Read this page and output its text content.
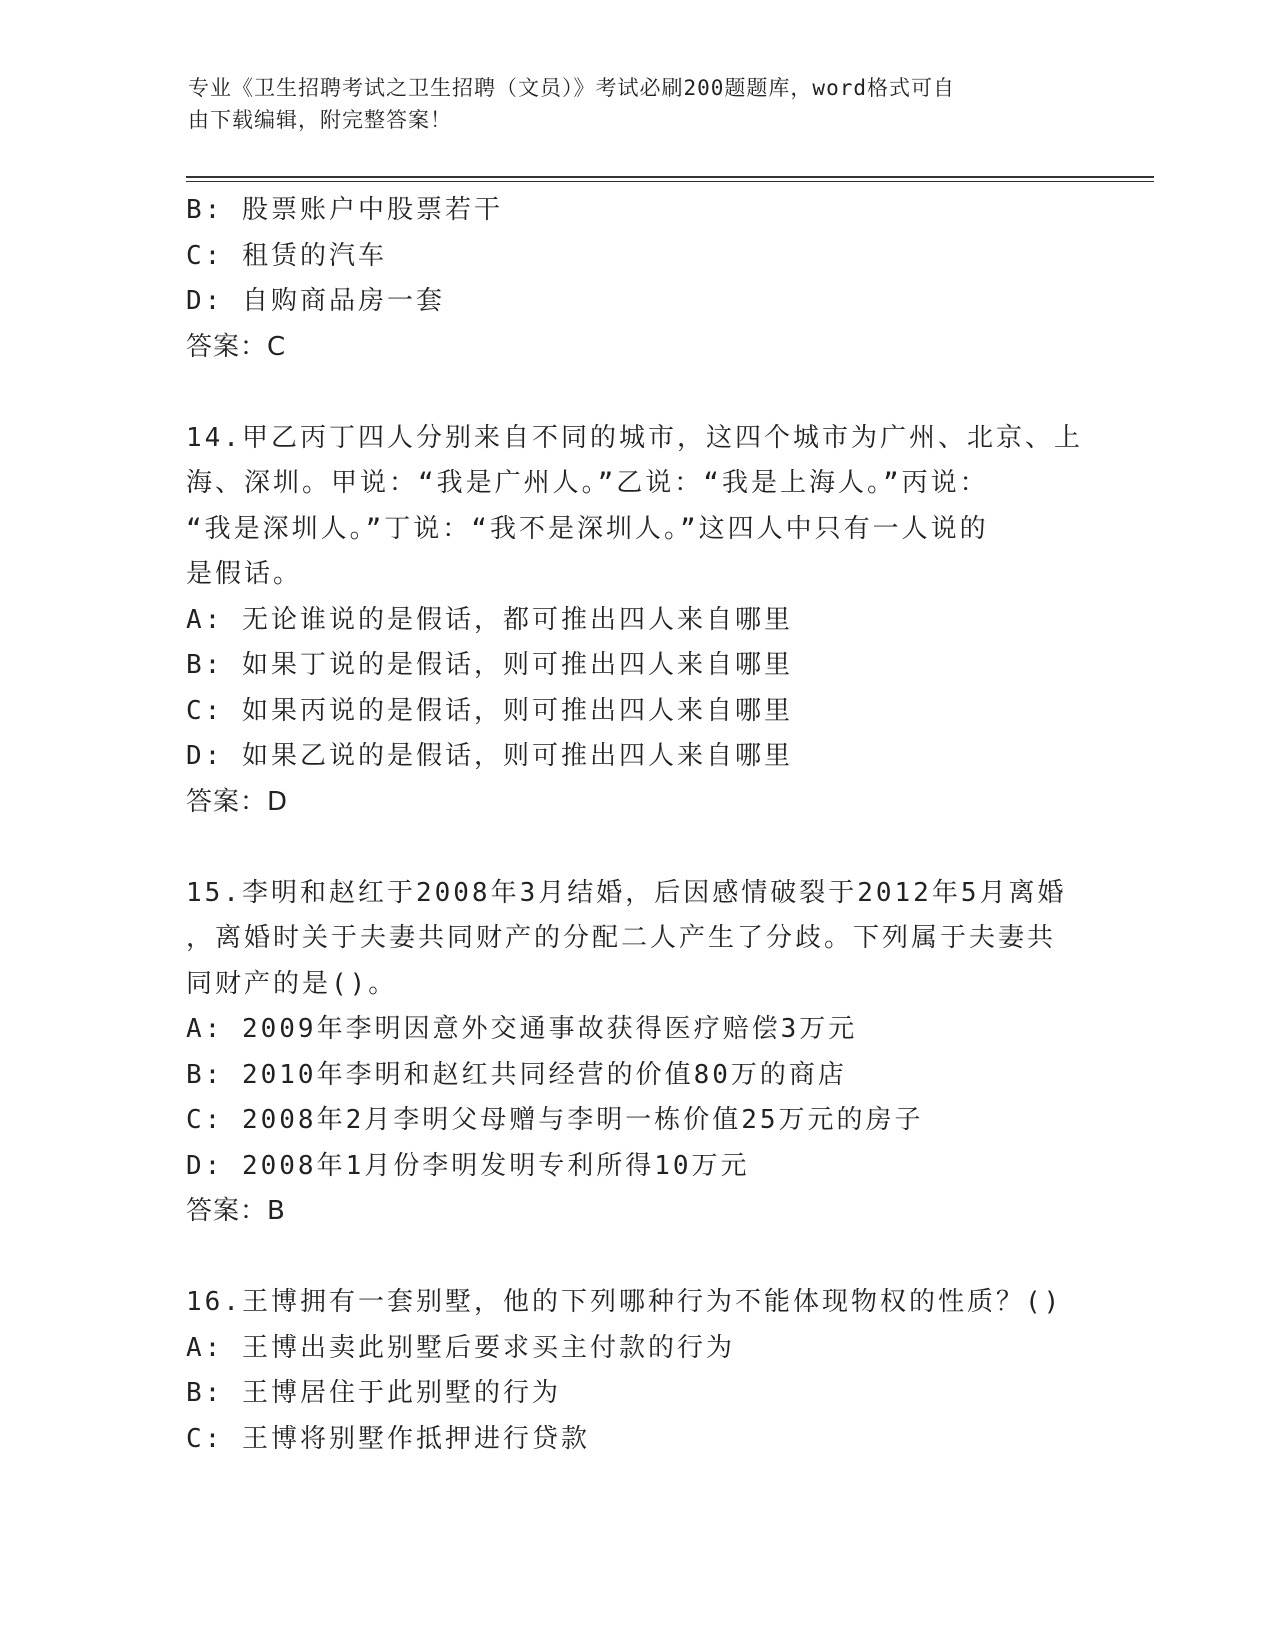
专业《卫生招聘考试之卫生招聘（文员）》考试必刷200题题库，word格式可自
由下载编辑，附完整答案！

B: 股票账户中股票若干

C: 租赁的汽车

D: 自购商品房一套

答案：C

14.甲乙丙丁四人分别来自不同的城市，这四个城市为广州、北京、上

海、深圳。甲说：“我是广州人。”乙说：“我是上海人。”丙说：

“我是深圳人。”丁说：“我不是深圳人。”这四人中只有一人说的

是假话。

A: 无论谁说的是假话，都可推出四人来自哪里

B: 如果丁说的是假话，则可推出四人来自哪里

C: 如果丙说的是假话，则可推出四人来自哪里

D: 如果乙说的是假话，则可推出四人来自哪里

答案：D

15.李明和赵红于2008年3月结婚，后因感情破裂于2012年5月离婚

，离婚时关于夫妻共同财产的分配二人产生了分歧。下列属于夫妻共

同财产的是()。

A: 2009年李明因意外交通事故获得医疗赔偿3万元

B: 2010年李明和赵红共同经营的价值80万的商店

C: 2008年2月李明父母赠与李明一栋价值25万元的房子

D: 2008年1月份李明发明专利所得10万元

答案：B

16.王博拥有一套别墅，他的下列哪种行为不能体现物权的性质？()

A: 王博出卖此别墅后要求买主付款的行为

B: 王博居住于此别墅的行为

C: 王博将别墅作抵押进行贷款
